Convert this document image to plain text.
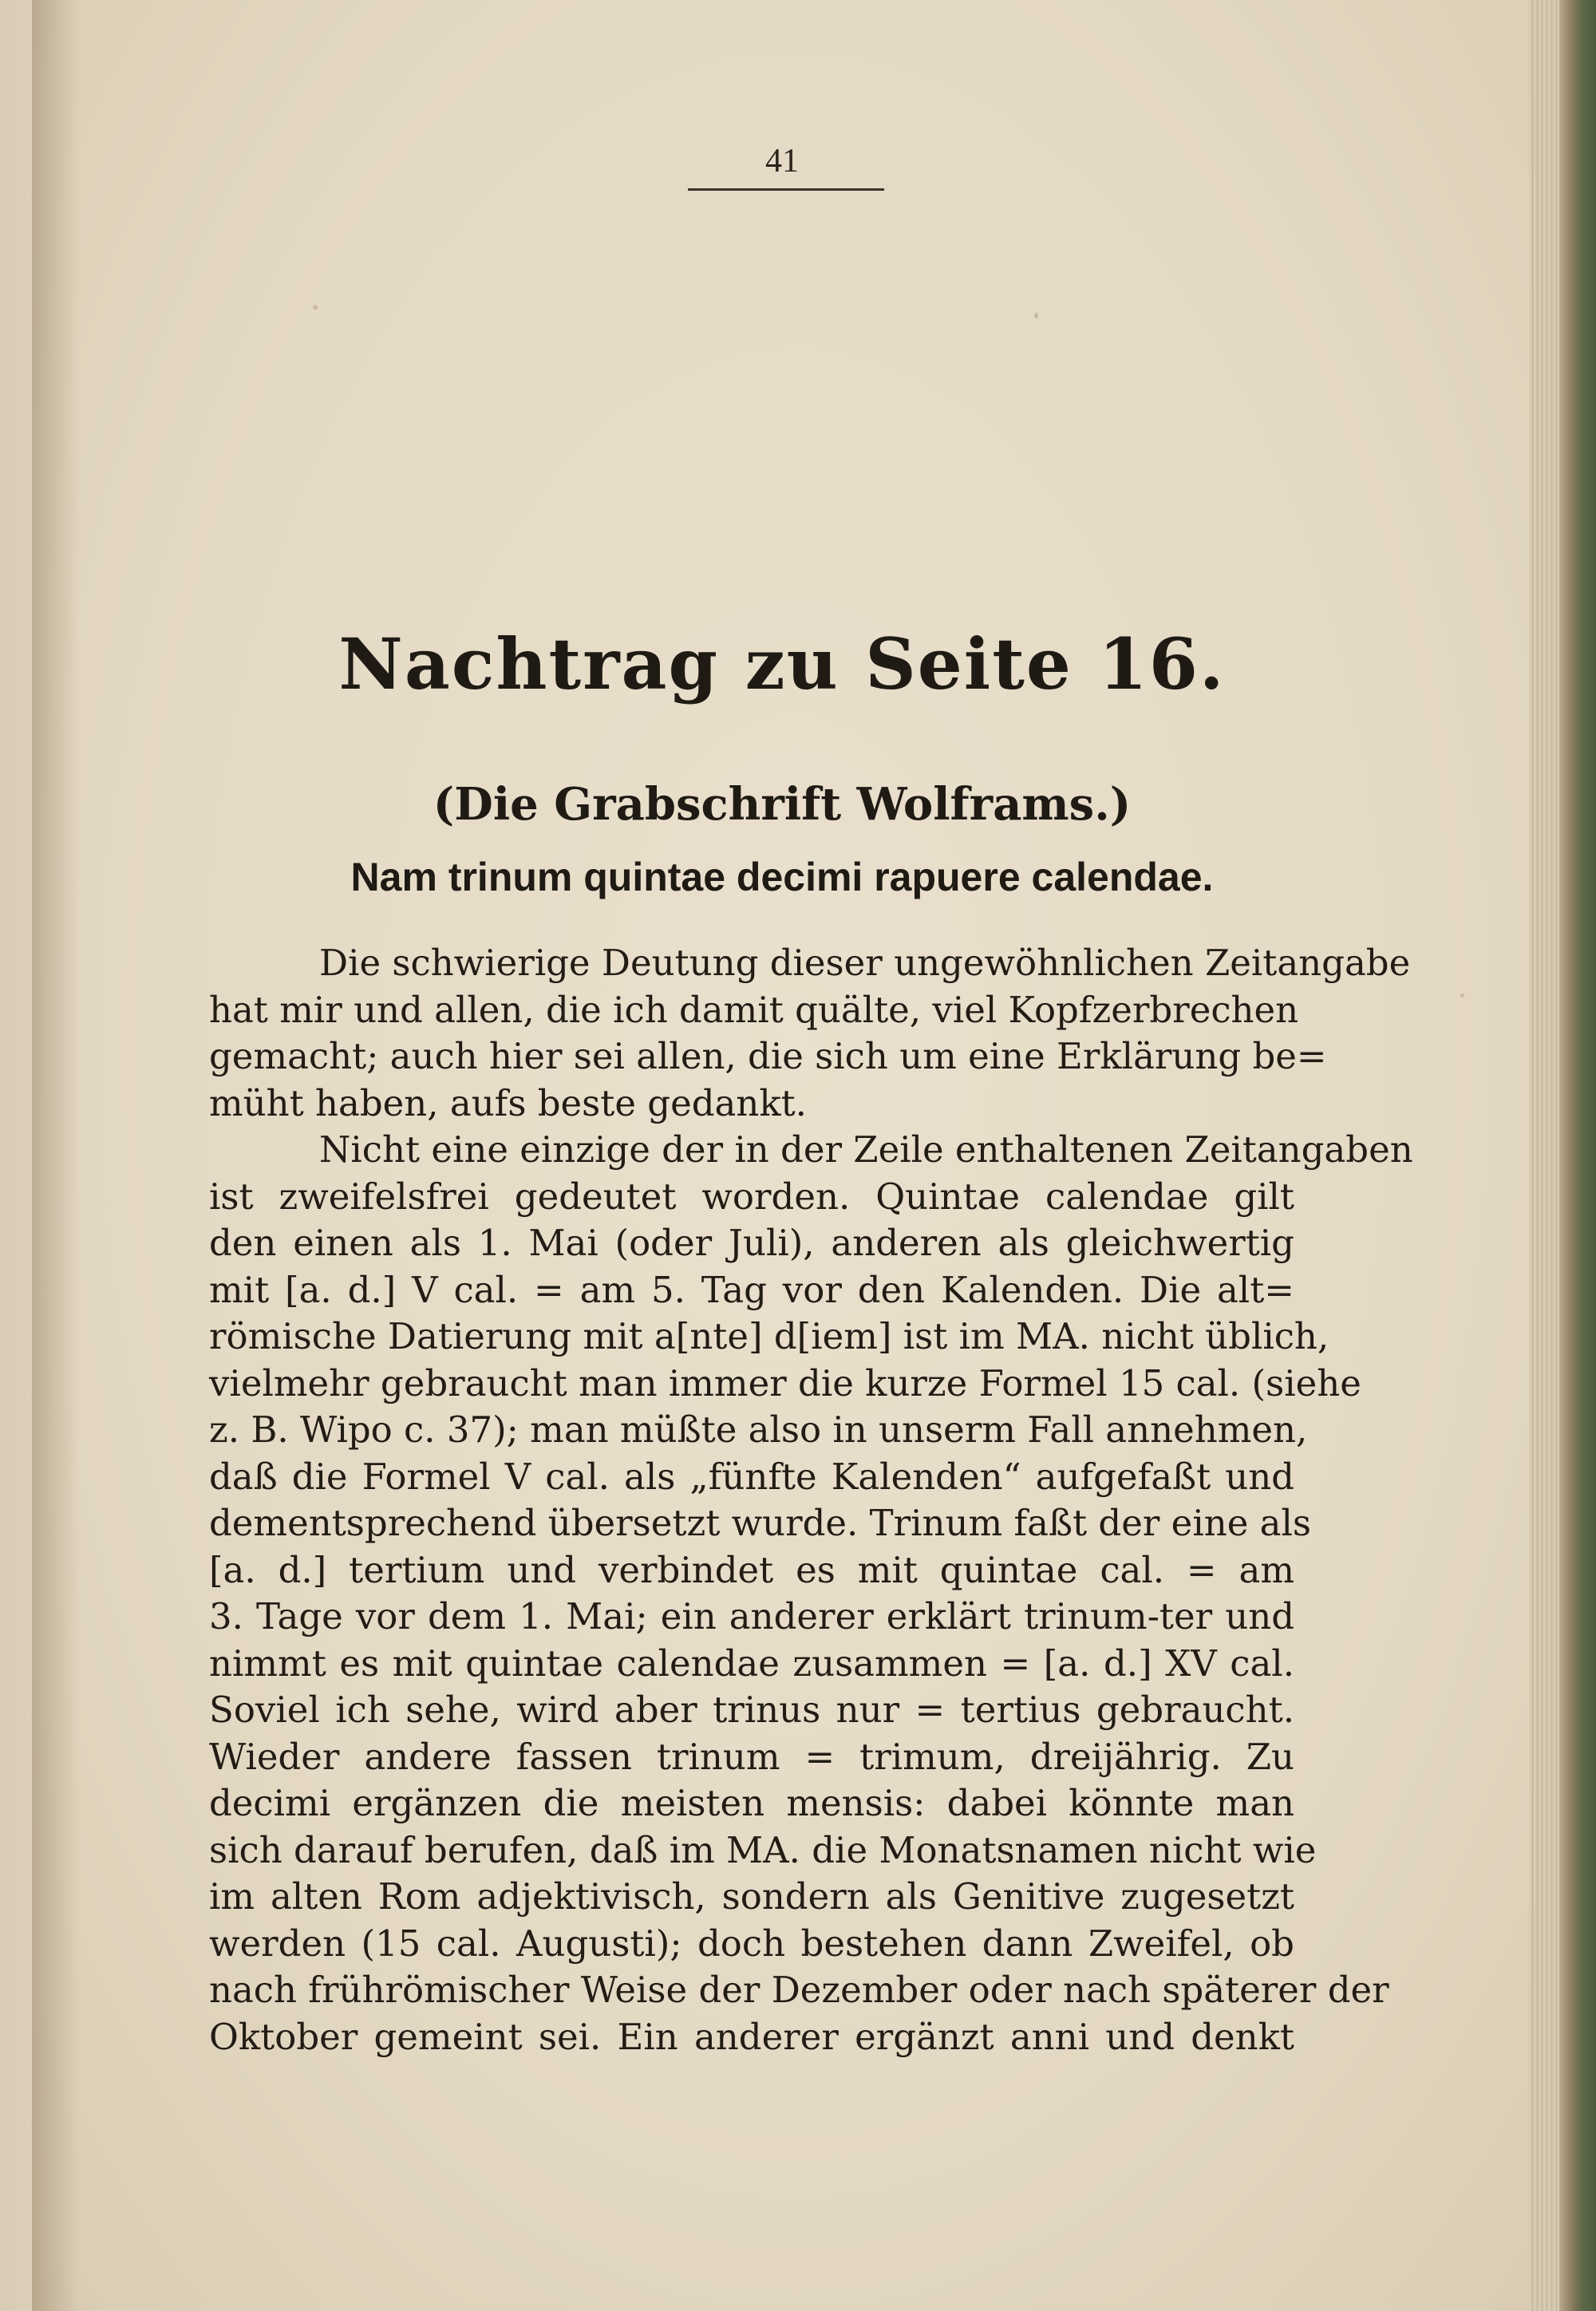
41
Nachtrag zu Seite 16.
(Die Grabschrift Wolframs.)
Nam trinum quintae decimi rapuere calendae.
Die schwierige Deutung dieser ungewöhnlichen Zeitangabe
hat mir und allen, die ich damit quälte, viel Kopfzerbrechen
gemacht; auch hier sei allen, die sich um eine Erklärung be=
müht haben, aufs beste gedankt.
Nicht eine einzige der in der Zeile enthaltenen Zeitangaben
ist zweifelsfrei gedeutet worden. Quintae calendae gilt
den einen als 1. Mai (oder Juli), anderen als gleichwertig
mit [a. d.] V cal. = am 5. Tag vor den Kalenden. Die alt=
römische Datierung mit a[nte] d[iem] ist im MA. nicht üblich,
vielmehr gebraucht man immer die kurze Formel 15 cal. (siehe
z. B. Wipo c. 37); man müßte also in unserm Fall annehmen,
daß die Formel V cal. als „fünfte Kalenden“ aufgefaßt und
dementsprechend übersetzt wurde. Trinum faßt der eine als
[a. d.] tertium und verbindet es mit quintae cal. = am
3. Tage vor dem 1. Mai; ein anderer erklärt trinum-ter und
nimmt es mit quintae calendae zusammen = [a. d.] XV cal.
Soviel ich sehe, wird aber trinus nur = tertius gebraucht.
Wieder andere fassen trinum = trimum, dreijährig. Zu
decimi ergänzen die meisten mensis: dabei könnte man
sich darauf berufen, daß im MA. die Monatsnamen nicht wie
im alten Rom adjektivisch, sondern als Genitive zugesetzt
werden (15 cal. Augusti); doch bestehen dann Zweifel, ob
nach frührömischer Weise der Dezember oder nach späterer der
Oktober gemeint sei. Ein anderer ergänzt anni und denkt
